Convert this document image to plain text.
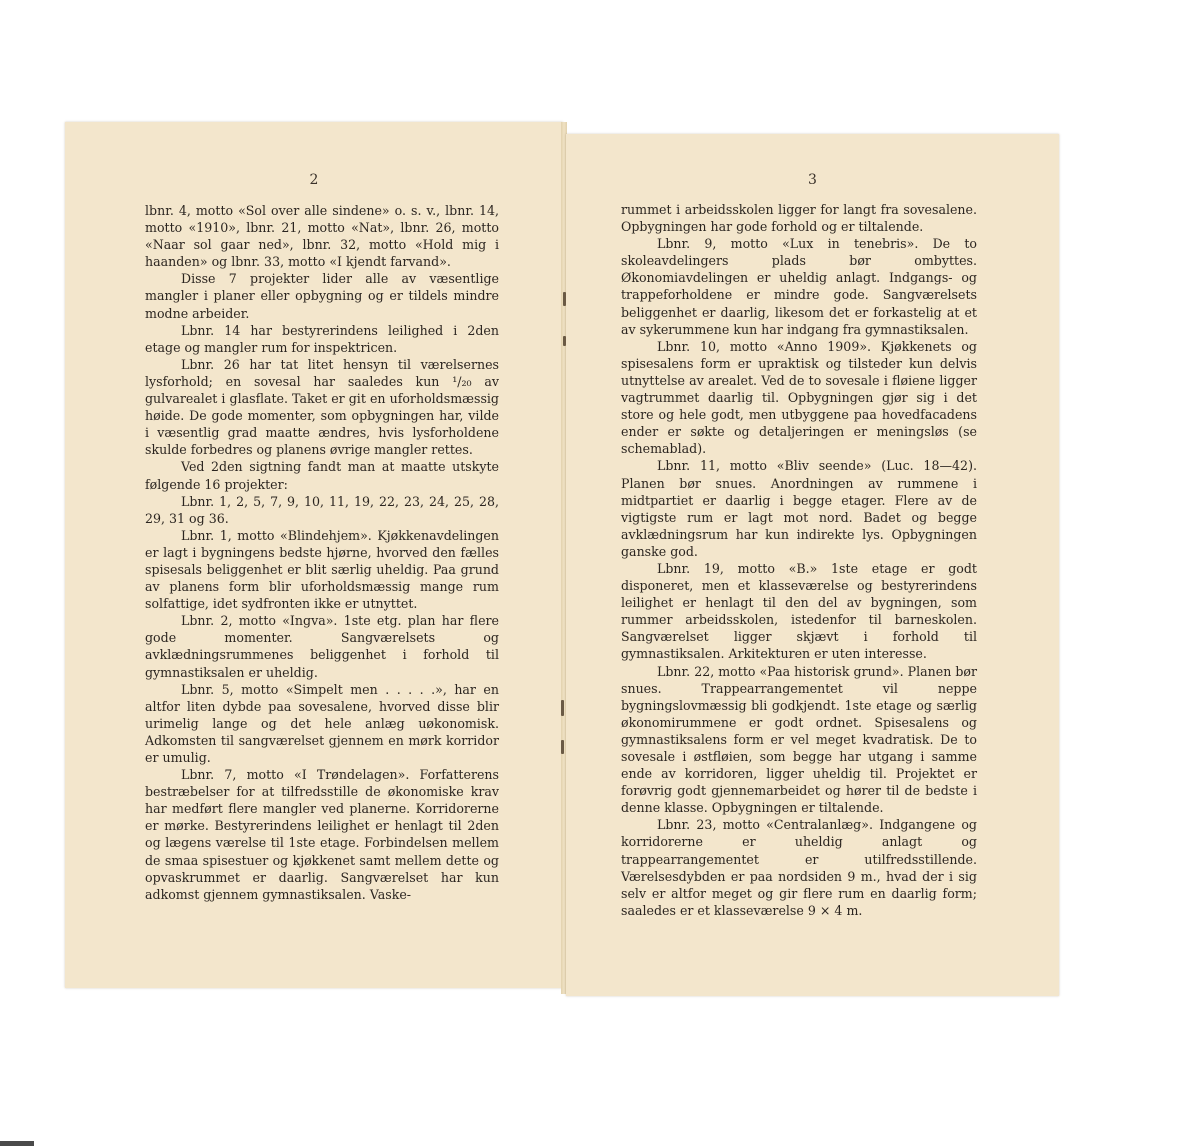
2

lbnr. 4, motto «Sol over alle sindene» o. s. v., lbnr. 14, motto «1910», lbnr. 21, motto «Nat», lbnr. 26, motto «Naar sol gaar ned», lbnr. 32, motto «Hold mig i haanden» og lbnr. 33, motto «I kjendt farvand».

Disse 7 projekter lider alle av væsentlige mangler i planer eller opbygning og er tildels mindre modne arbeider.

Lbnr. 14 har bestyrerindens leilighed i 2den etage og mangler rum for inspektricen.

Lbnr. 26 har tat litet hensyn til værelsernes lysforhold; en sovesal har saaledes kun ¹/₂₀ av gulvarealet i glasflate. Taket er git en uforholdsmæssig høide. De gode momenter, som opbygningen har, vilde i væsentlig grad maatte ændres, hvis lysforholdene skulde forbedres og planens øvrige mangler rettes.

Ved 2den sigtning fandt man at maatte utskyte følgende 16 projekter:

Lbnr. 1, 2, 5, 7, 9, 10, 11, 19, 22, 23, 24, 25, 28, 29, 31 og 36.

Lbnr. 1, motto «Blindehjem». Kjøkkenavdelingen er lagt i bygningens bedste hjørne, hvorved den fælles spisesals beliggenhet er blit særlig uheldig. Paa grund av planens form blir uforholdsmæssig mange rum solfattige, idet sydfronten ikke er utnyttet.

Lbnr. 2, motto «Ingva». 1ste etg. plan har flere gode momenter. Sangværelsets og avklædningsrummenes beliggenhet i forhold til gymnastiksalen er uheldig.

Lbnr. 5, motto «Simpelt men . . . . .», har en altfor liten dybde paa sovesalene, hvorved disse blir urimelig lange og det hele anlæg uøkonomisk. Adkomsten til sangværelset gjennem en mørk korridor er umulig.

Lbnr. 7, motto «I Trøndelagen». Forfatterens bestræbelser for at tilfredsstille de økonomiske krav har medført flere mangler ved planerne. Korridorerne er mørke. Bestyrerindens leilighet er henlagt til 2den og lægens værelse til 1ste etage. Forbindelsen mellem de smaa spisestuer og kjøkkenet samt mellem dette og opvaskrummet er daarlig. Sangværelset har kun adkomst gjennem gymnastiksalen. Vaske-

3

rummet i arbeidsskolen ligger for langt fra sovesalene. Opbygningen har gode forhold og er tiltalende.

Lbnr. 9, motto «Lux in tenebris». De to skoleavdelingers plads bør ombyttes. Økonomiavdelingen er uheldig anlagt. Indgangs- og trappeforholdene er mindre gode. Sangværelsets beliggenhet er daarlig, likesom det er forkastelig at et av sykerummene kun har indgang fra gymnastiksalen.

Lbnr. 10, motto «Anno 1909». Kjøkkenets og spisesalens form er upraktisk og tilsteder kun delvis utnyttelse av arealet. Ved de to sovesale i fløiene ligger vagtrummet daarlig til. Opbygningen gjør sig i det store og hele godt, men utbyggene paa hovedfacadens ender er søkte og detaljeringen er meningsløs (se schemablad).

Lbnr. 11, motto «Bliv seende» (Luc. 18—42). Planen bør snues. Anordningen av rummene i midtpartiet er daarlig i begge etager. Flere av de vigtigste rum er lagt mot nord. Badet og begge avklædningsrum har kun indirekte lys. Opbygningen ganske god.

Lbnr. 19, motto «B.» 1ste etage er godt disponeret, men et klasseværelse og bestyrerindens leilighet er henlagt til den del av bygningen, som rummer arbeidsskolen, istedenfor til barneskolen. Sangværelset ligger skjævt i forhold til gymnastiksalen. Arkitekturen er uten interesse.

Lbnr. 22, motto «Paa historisk grund». Planen bør snues. Trappearrangementet vil neppe bygningslovmæssig bli godkjendt. 1ste etage og særlig økonomirummene er godt ordnet. Spisesalens og gymnastiksalens form er vel meget kvadratisk. De to sovesale i østfløien, som begge har utgang i samme ende av korridoren, ligger uheldig til. Projektet er forøvrig godt gjennemarbeidet og hører til de bedste i denne klasse. Opbygningen er tiltalende.

Lbnr. 23, motto «Centralanlæg». Indgangene og korridorerne er uheldig anlagt og trappearrangementet er utilfredsstillende. Værelsesdybden er paa nordsiden 9 m., hvad der i sig selv er altfor meget og gir flere rum en daarlig form; saaledes er et klasseværelse 9 × 4 m.
